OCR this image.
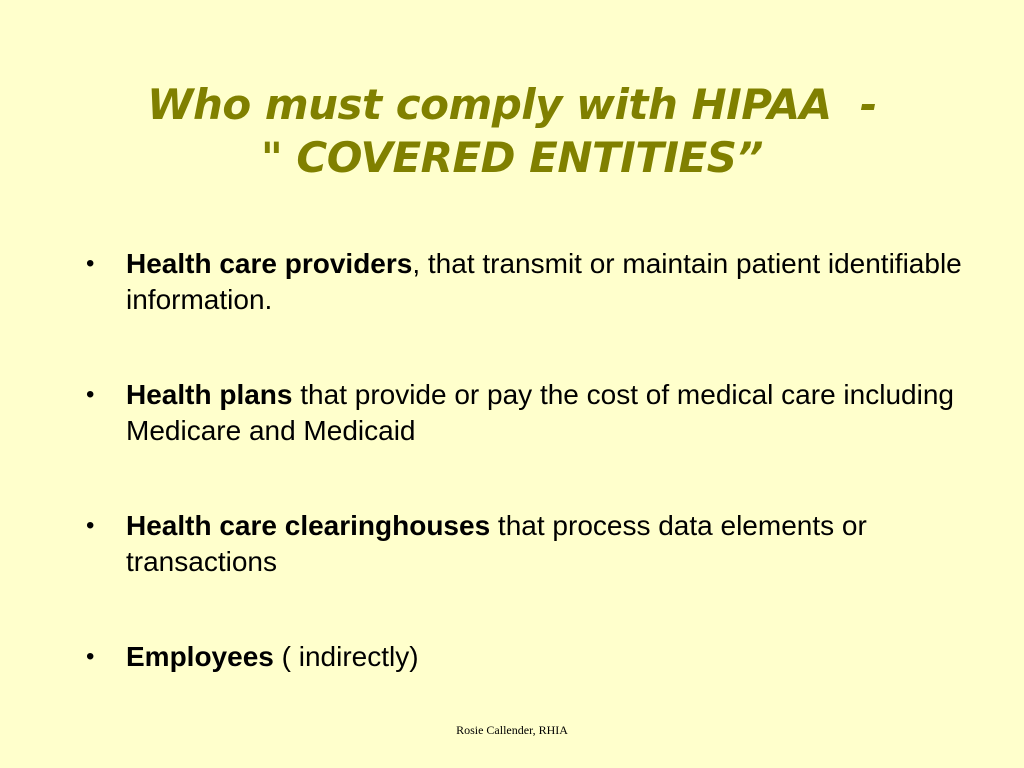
Who must comply with HIPAA  -
" COVERED ENTITIES”
• Health care providers, that transmit or maintain patient identifiable information.
• Health plans that provide or pay the cost of medical care including Medicare and Medicaid
• Health care clearinghouses that process data elements or transactions
• Employees ( indirectly)
Rosie Callender, RHIA
